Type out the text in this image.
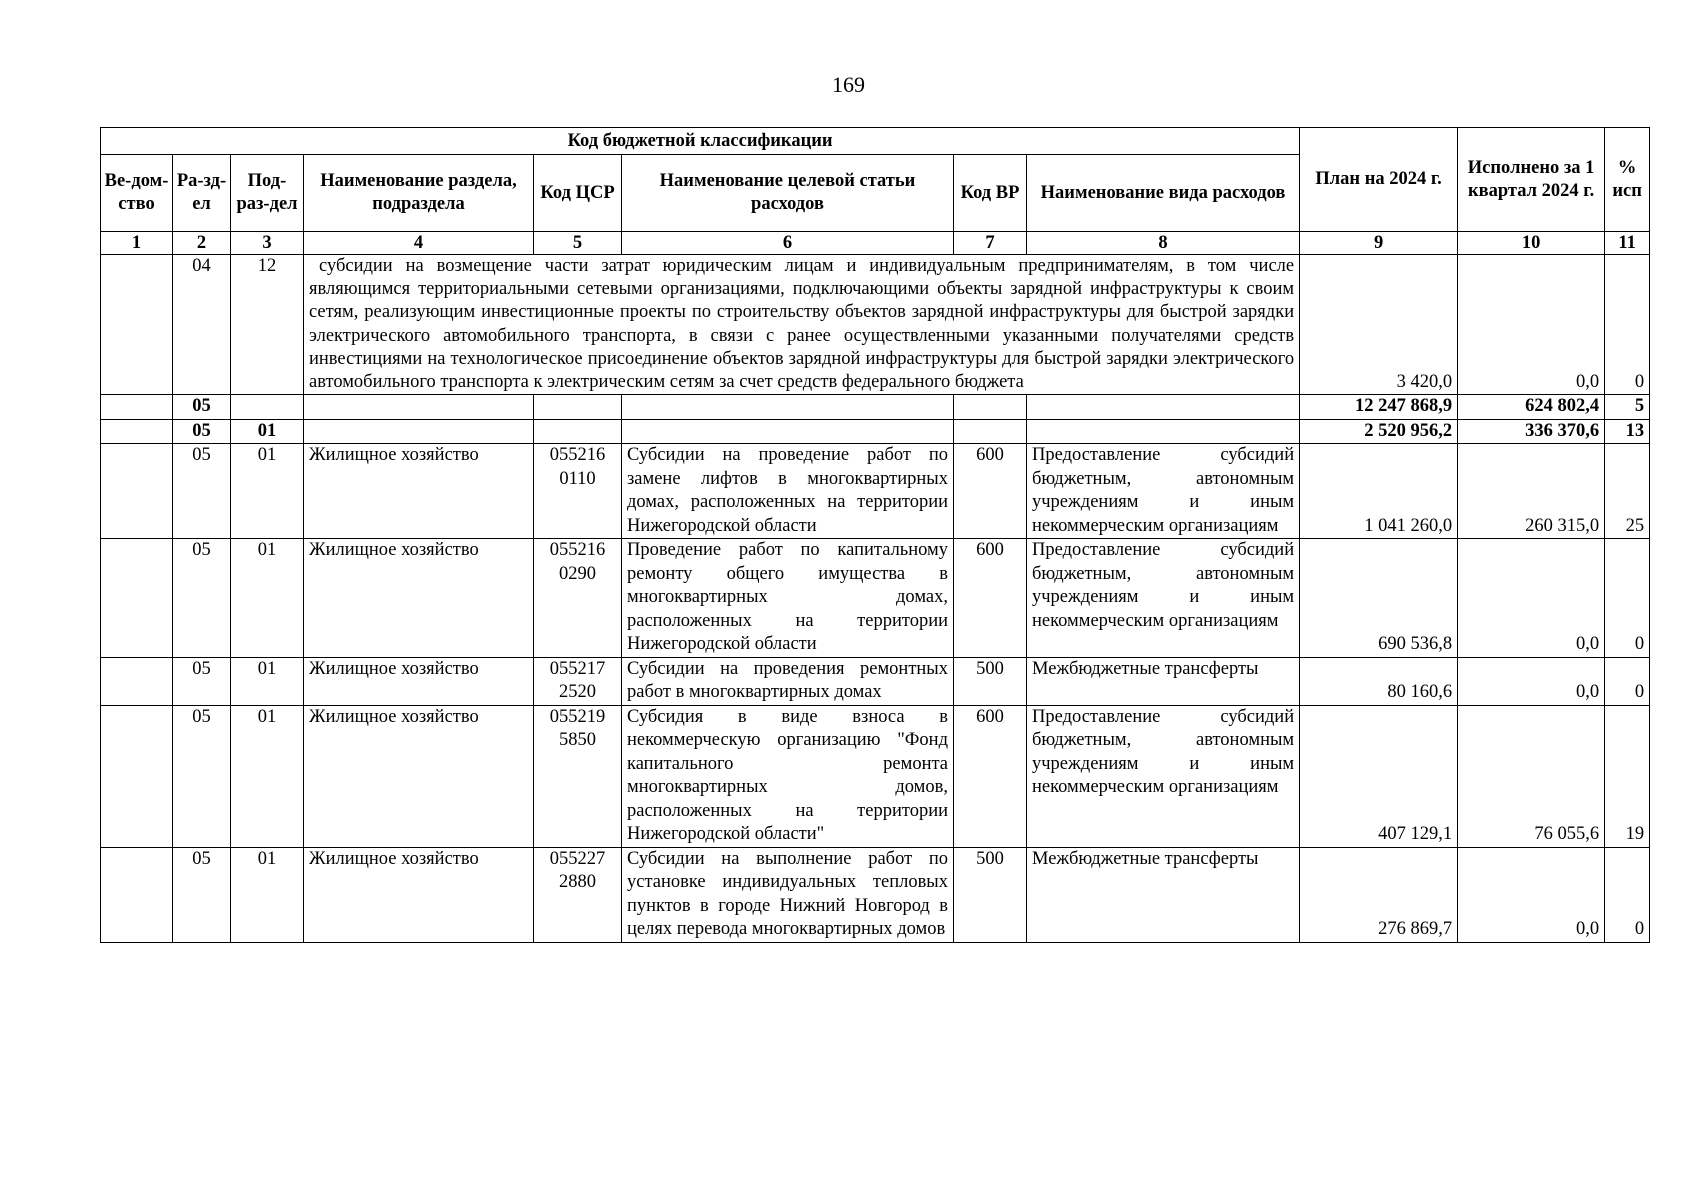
169
Код бюджетной классификации								План на 2024 г.	Исполнено за 1 квартал 2024 г.	% исп
Ве-дом-ство	Ра-зд-ел	Под-раз-дел	Наименование раздела, подраздела	Код ЦСР	Наименование целевой статьи расходов	Код ВР	Наименование вида расходов			
1	2	3	4	5	6	7	8	9	10	11
	04	12	субсидии на возмещение части затрат юридическим лицам и индивидуальным предпринимателям, в том числе являющимся территориальными сетевыми организациями, подключающими объекты зарядной инфраструктуры к своим сетям, реализующим инвестиционные проекты по строительству объектов зарядной инфраструктуры для быстрой зарядки электрического автомобильного транспорта, в связи с ранее осуществленными указанными получателями средств инвестициями на технологическое присоединение объектов зарядной инфраструктуры для быстрой зарядки электрического автомобильного транспорта к электрическим сетям за счет средств федерального бюджета					3 420,0	0,0	0
	05							12 247 868,9	624 802,4	5
	05	01						2 520 956,2	336 370,6	13
	05	01	Жилищное хозяйство	055216 0110	Субсидии на проведение работ по замене лифтов в многоквартирных домах, расположенных на территории Нижегородской области	600	Предоставление субсидий бюджетным, автономным учреждениям и иным некоммерческим организациям	1 041 260,0	260 315,0	25
	05	01	Жилищное хозяйство	055216 0290	Проведение работ по капитальному ремонту общего имущества в многоквартирных домах, расположенных на территории Нижегородской области	600	Предоставление субсидий бюджетным, автономным учреждениям и иным некоммерческим организациям	690 536,8	0,0	0
	05	01	Жилищное хозяйство	055217 2520	Субсидии на проведения ремонтных работ в многоквартирных домах	500	Межбюджетные трансферты	80 160,6	0,0	0
	05	01	Жилищное хозяйство	055219 5850	Субсидия в виде взноса в некоммерческую организацию "Фонд капитального ремонта многоквартирных домов, расположенных на территории Нижегородской области"	600	Предоставление субсидий бюджетным, автономным учреждениям и иным некоммерческим организациям	407 129,1	76 055,6	19
	05	01	Жилищное хозяйство	055227 2880	Субсидии на выполнение работ по установке индивидуальных тепловых пунктов в городе Нижний Новгород в целях перевода многоквартирных домов	500	Межбюджетные трансферты	276 869,7	0,0	0
